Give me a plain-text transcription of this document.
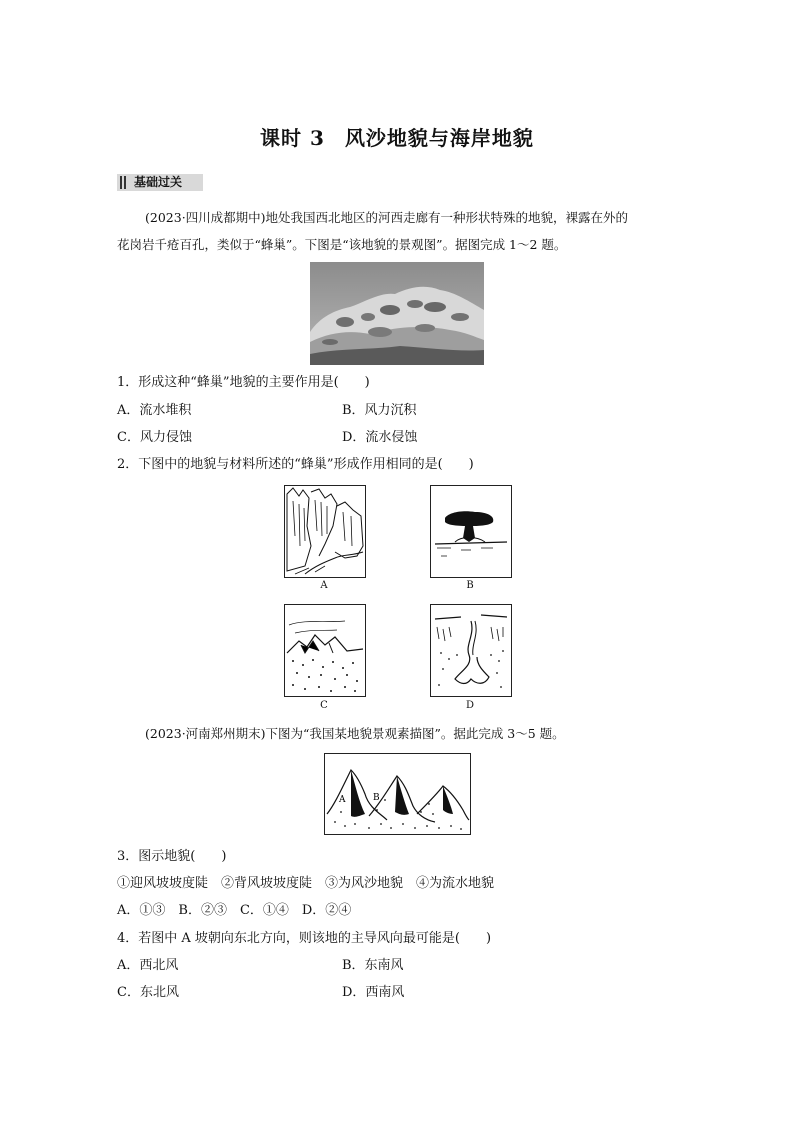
课时 3 风沙地貌与海岸地貌
基础过关
(2023·四川成都期中)地处我国西北地区的河西走廊有一种形状特殊的地貌，裸露在外的
花岗岩千疮百孔，类似于“蜂巢”。下图是“该地貌的景观图”。据图完成 1～2 题。
1．形成这种“蜂巢”地貌的主要作用是(　　)
A．流水堆积	B．风力沉积
C．风力侵蚀	D．流水侵蚀
2．下图中的地貌与材料所述的“蜂巢”形成作用相同的是(　　)
A	B
C	D
(2023·河南郑州期末)下图为“我国某地貌景观素描图”。据此完成 3～5 题。
A	B
3．图示地貌(　　)
①迎风坡坡度陡　②背风坡坡度陡　③为风沙地貌　④为流水地貌
A．①③　B．②③　C．①④　D．②④
4．若图中 A 坡朝向东北方向，则该地的主导风向最可能是(　　)
A．西北风	B．东南风
C．东北风	D．西南风
